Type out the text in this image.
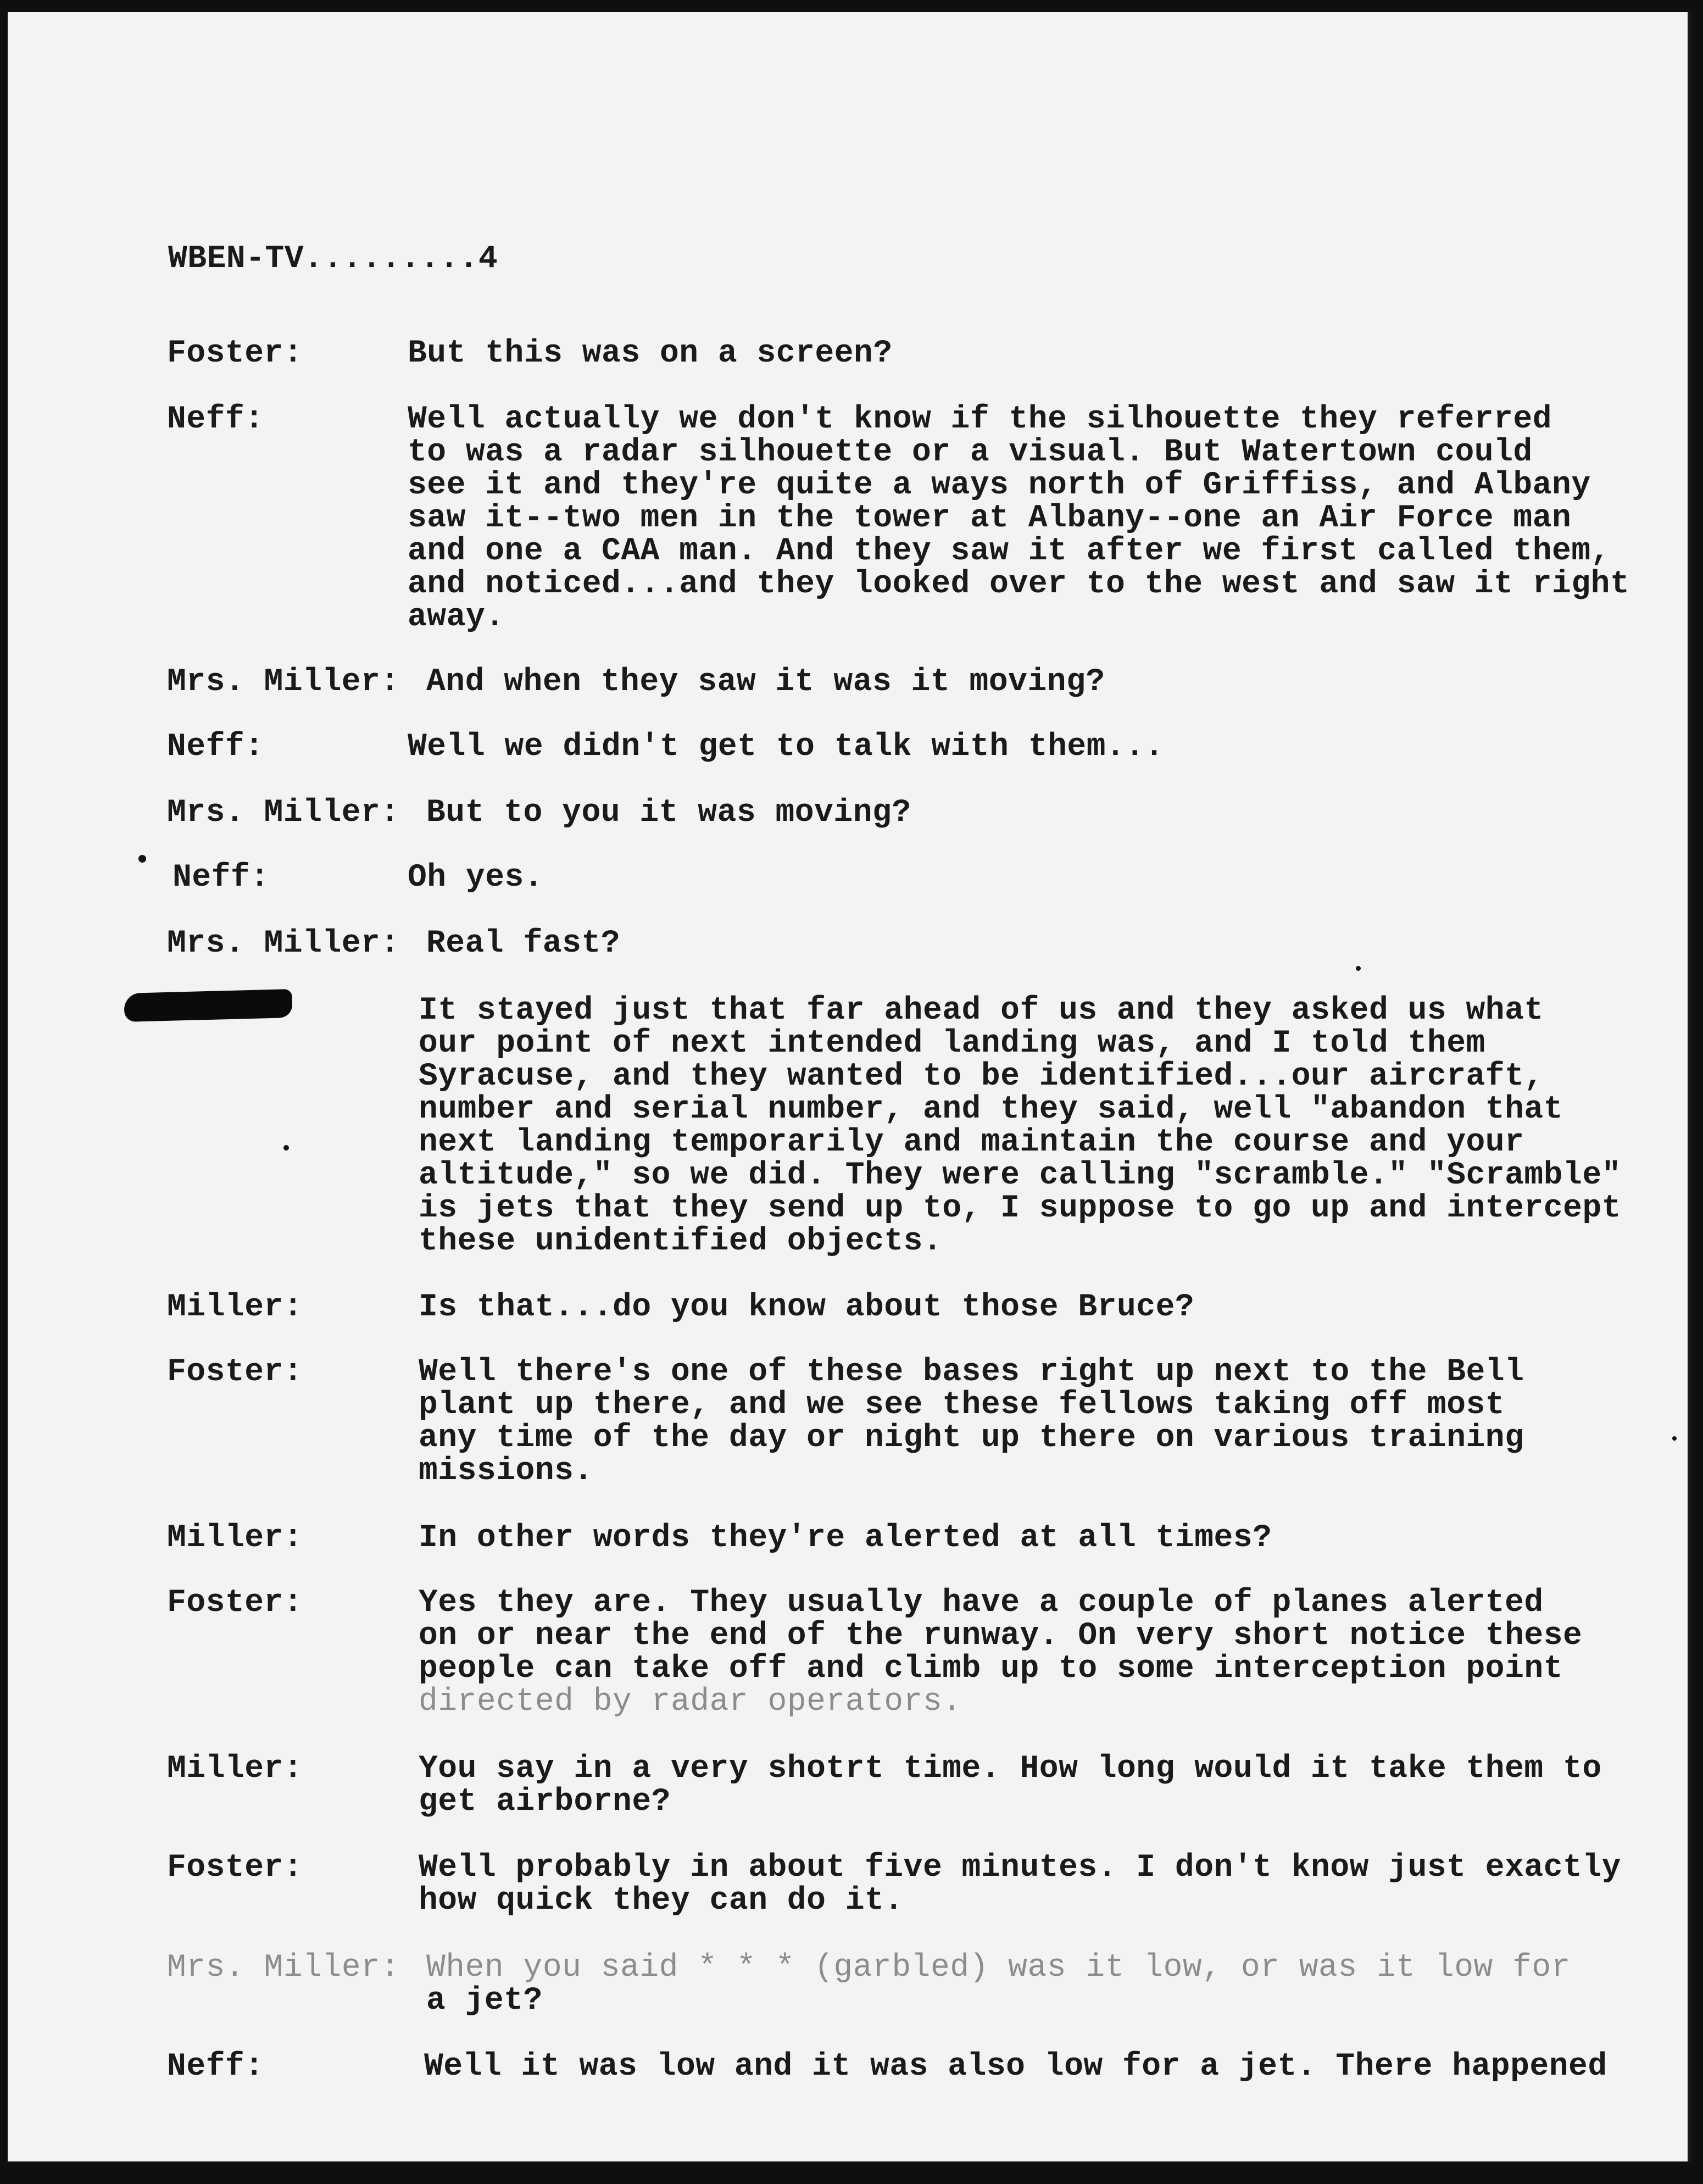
WBEN-TV.........4
Foster:	But this was on a screen?
Neff:	Well actually we don't know if the silhouette they referred
to was a radar silhouette or a visual. But Watertown could
see it and they're quite a ways north of Griffiss, and Albany
saw it--two men in the tower at Albany--one an Air Force man
and one a CAA man. And they saw it after we first called them,
and noticed...and they looked over to the west and saw it right
away.
Mrs. Miller: And when they saw it was it moving?
Neff:	Well we didn't get to talk with them...
Mrs. Miller: But to you it was moving?
Neff:	Oh yes.
Mrs. Miller: Real fast?
It stayed just that far ahead of us and they asked us what
our point of next intended landing was, and I told them
Syracuse, and they wanted to be identified...our aircraft,
number and serial number, and they said, well "abandon that
next landing temporarily and maintain the course and your
altitude," so we did. They were calling "scramble." "Scramble"
is jets that they send up to, I suppose to go up and intercept
these unidentified objects.
Miller:	Is that...do you know about those Bruce?
Foster:	Well there's one of these bases right up next to the Bell
plant up there, and we see these fellows taking off most
any time of the day or night up there on various training
missions.
Miller:	In other words they're alerted at all times?
Foster:	Yes they are. They usually have a couple of planes alerted
on or near the end of the runway. On very short notice these
people can take off and climb up to some interception point
directed by radar operators.
Miller:	You say in a very shotrt time. How long would it take them to
get airborne?
Foster:	Well probably in about five minutes. I don't know just exactly
how quick they can do it.
Mrs. Miller: When you said * * * (garbled) was it low, or was it low for
a jet?
Neff:	Well it was low and it was also low for a jet. There happened
